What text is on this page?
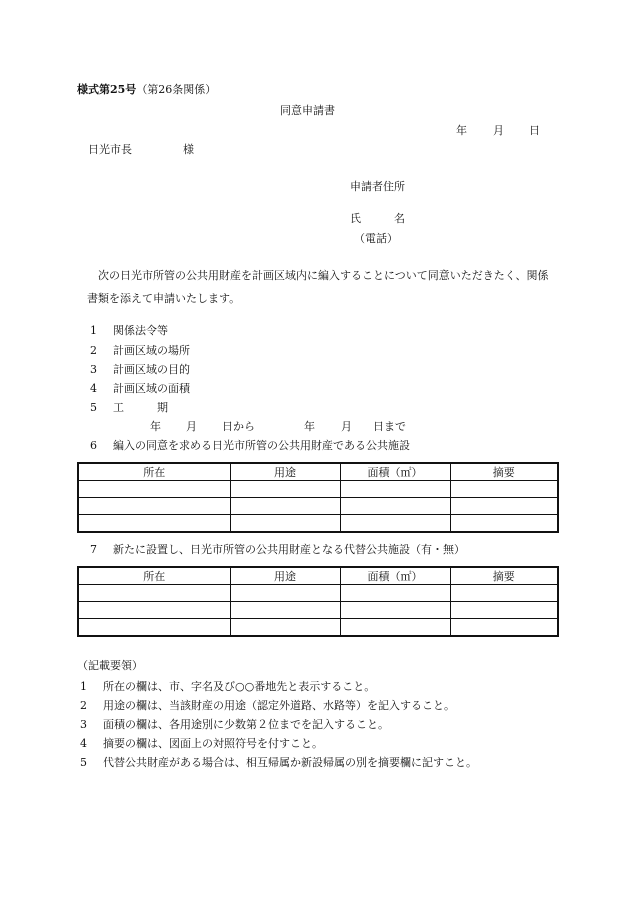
様式第25号（第26条関係）
同意申請書
年 月 日
日光市長	様
申請者住所
氏　　　名
（電話）
　次の日光市所管の公共用財産を計画区域内に編入することについて同意いただきたく、関係書類を添えて申請いたします。
1 関係法令等
2 計画区域の場所
3 計画区域の目的
4 計画区域の面積
5 工　　　期
年 月 日から	年 月 日まで
6 編入の同意を求める日光市所管の公共用財産である公共施設
所在	用途	面積（㎡）	摘要

7 新たに設置し、日光市所管の公共用財産となる代替公共施設（有・無）
所在	用途	面積（㎡）	摘要

（記載要領）
1 所在の欄は、市、字名及び○○番地先と表示すること。
2 用途の欄は、当該財産の用途（認定外道路、水路等）を記入すること。
3 面積の欄は、各用途別に少数第２位までを記入すること。
4 摘要の欄は、図面上の対照符号を付すこと。
5 代替公共財産がある場合は、相互帰属か新設帰属の別を摘要欄に記すこと。
